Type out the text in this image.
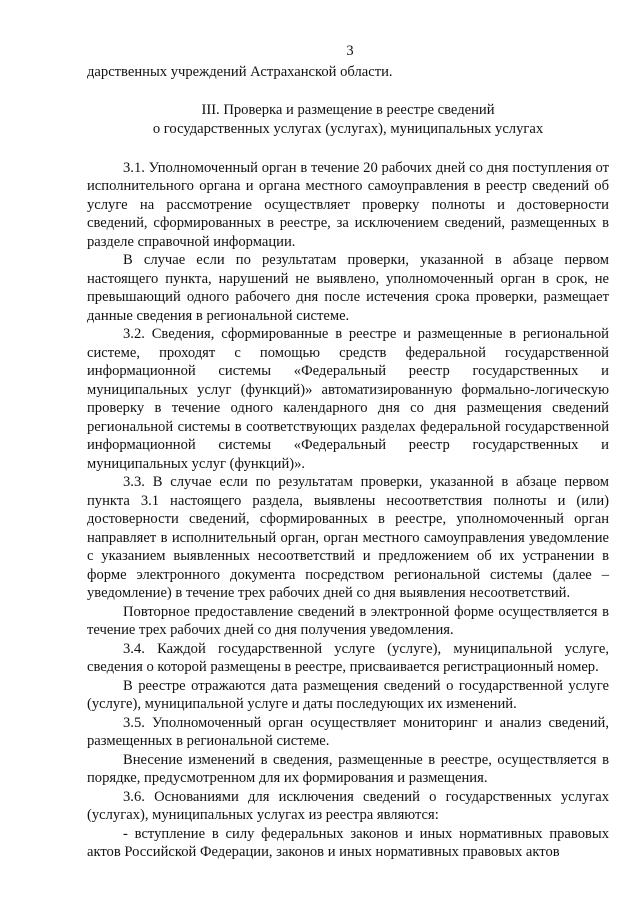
3

дарственных учреждений Астраханской области.

III. Проверка и размещение в реестре сведений
о государственных услугах (услугах), муниципальных услугах

3.1. Уполномоченный орган в течение 20 рабочих дней со дня поступления от исполнительного органа и органа местного самоуправления в реестр сведений об услуге на рассмотрение осуществляет проверку полноты и достоверности сведений, сформированных в реестре, за исключением сведений, размещенных в разделе справочной информации.

В случае если по результатам проверки, указанной в абзаце первом настоящего пункта, нарушений не выявлено, уполномоченный орган в срок, не превышающий одного рабочего дня после истечения срока проверки, размещает данные сведения в региональной системе.

3.2. Сведения, сформированные в реестре и размещенные в региональной системе, проходят с помощью средств федеральной государственной информационной системы «Федеральный реестр государственных и муниципальных услуг (функций)» автоматизированную формально-логическую проверку в течение одного календарного дня со дня размещения сведений региональной системы в соответствующих разделах федеральной государственной информационной системы «Федеральный реестр государственных и муниципальных услуг (функций)».

3.3. В случае если по результатам проверки, указанной в абзаце первом пункта 3.1 настоящего раздела, выявлены несоответствия полноты и (или) достоверности сведений, сформированных в реестре, уполномоченный орган направляет в исполнительный орган, орган местного самоуправления уведомление с указанием выявленных несоответствий и предложением об их устранении в форме электронного документа посредством региональной системы (далее – уведомление) в течение трех рабочих дней со дня выявления несоответствий.

Повторное предоставление сведений в электронной форме осуществляется в течение трех рабочих дней со дня получения уведомления.

3.4. Каждой государственной услуге (услуге), муниципальной услуге, сведения о которой размещены в реестре, присваивается регистрационный номер.

В реестре отражаются дата размещения сведений о государственной услуге (услуге), муниципальной услуге и даты последующих их изменений.

3.5. Уполномоченный орган осуществляет мониторинг и анализ сведений, размещенных в региональной системе.

Внесение изменений в сведения, размещенные в реестре, осуществляется в порядке, предусмотренном для их формирования и размещения.

3.6. Основаниями для исключения сведений о государственных услугах (услугах), муниципальных услугах из реестра являются:

- вступление в силу федеральных законов и иных нормативных правовых актов Российской Федерации, законов и иных нормативных правовых актов
